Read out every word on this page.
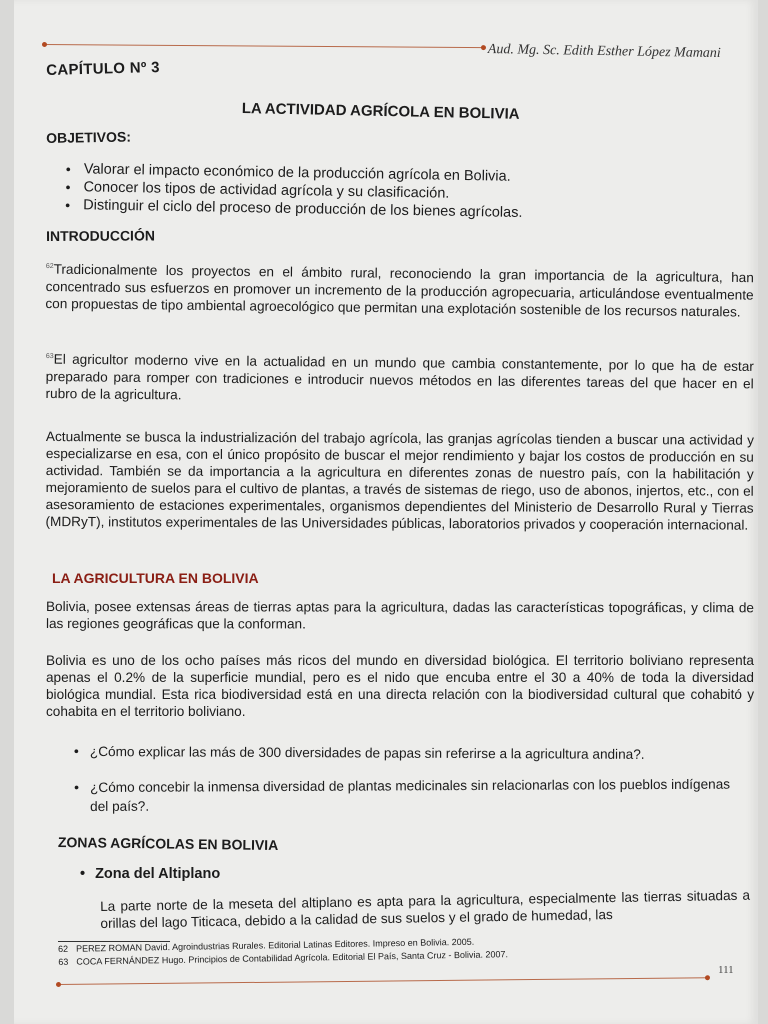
Aud. Mg. Sc. Edith Esther López Mamani
CAPÍTULO Nº 3
LA ACTIVIDAD AGRÍCOLA EN BOLIVIA
OBJETIVOS:
• Valorar el impacto económico de la producción agrícola en Bolivia.
• Conocer los tipos de actividad agrícola y su clasificación.
• Distinguir el ciclo del proceso de producción de los bienes agrícolas.
INTRODUCCIÓN
$^{62}$Tradicionalmente los proyectos en el ámbito rural, reconociendo la gran importancia de la agricultura, han concentrado sus esfuerzos en promover un incremento de la producción agropecuaria, articulándose eventualmente con propuestas de tipo ambiental agroecológico que permitan una explotación sostenible de los recursos naturales.
$^{63}$El agricultor moderno vive en la actualidad en un mundo que cambia constantemente, por lo que ha de estar preparado para romper con tradiciones e introducir nuevos métodos en las diferentes tareas del que hacer en el rubro de la agricultura.
Actualmente se busca la industrialización del trabajo agrícola, las granjas agrícolas tienden a buscar una actividad y especializarse en esa, con el único propósito de buscar el mejor rendimiento y bajar los costos de producción en su actividad. También se da importancia a la agricultura en diferentes zonas de nuestro país, con la habilitación y mejoramiento de suelos para el cultivo de plantas, a través de sistemas de riego, uso de abonos, injertos, etc., con el asesoramiento de estaciones experimentales, organismos dependientes del Ministerio de Desarrollo Rural y Tierras (MDRyT), institutos experimentales de las Universidades públicas, laboratorios privados y cooperación internacional.
LA AGRICULTURA EN BOLIVIA
Bolivia, posee extensas áreas de tierras aptas para la agricultura, dadas las características topográficas, y clima de las regiones geográficas que la conforman.
Bolivia es uno de los ocho países más ricos del mundo en diversidad biológica. El territorio boliviano representa apenas el 0.2% de la superficie mundial, pero es el nido que encuba entre el 30 a 40% de toda la diversidad biológica mundial. Esta rica biodiversidad está en una directa relación con la biodiversidad cultural que cohabitó y cohabita en el territorio boliviano.
• ¿Cómo explicar las más de 300 diversidades de papas sin referirse a la agricultura andina?.
• ¿Cómo concebir la inmensa diversidad de plantas medicinales sin relacionarlas con los pueblos indígenas del país?.
ZONAS AGRÍCOLAS EN BOLIVIA
• Zona del Altiplano
La parte norte de la meseta del altiplano es apta para la agricultura, especialmente las tierras situadas a orillas del lago Titicaca, debido a la calidad de sus suelos y el grado de humedad, las
62 PEREZ ROMAN David. Agroindustrias Rurales. Editorial Latinas Editores. Impreso en Bolivia. 2005.
63 COCA FERNÁNDEZ Hugo. Principios de Contabilidad Agrícola. Editorial El País, Santa Cruz - Bolivia. 2007.
111
